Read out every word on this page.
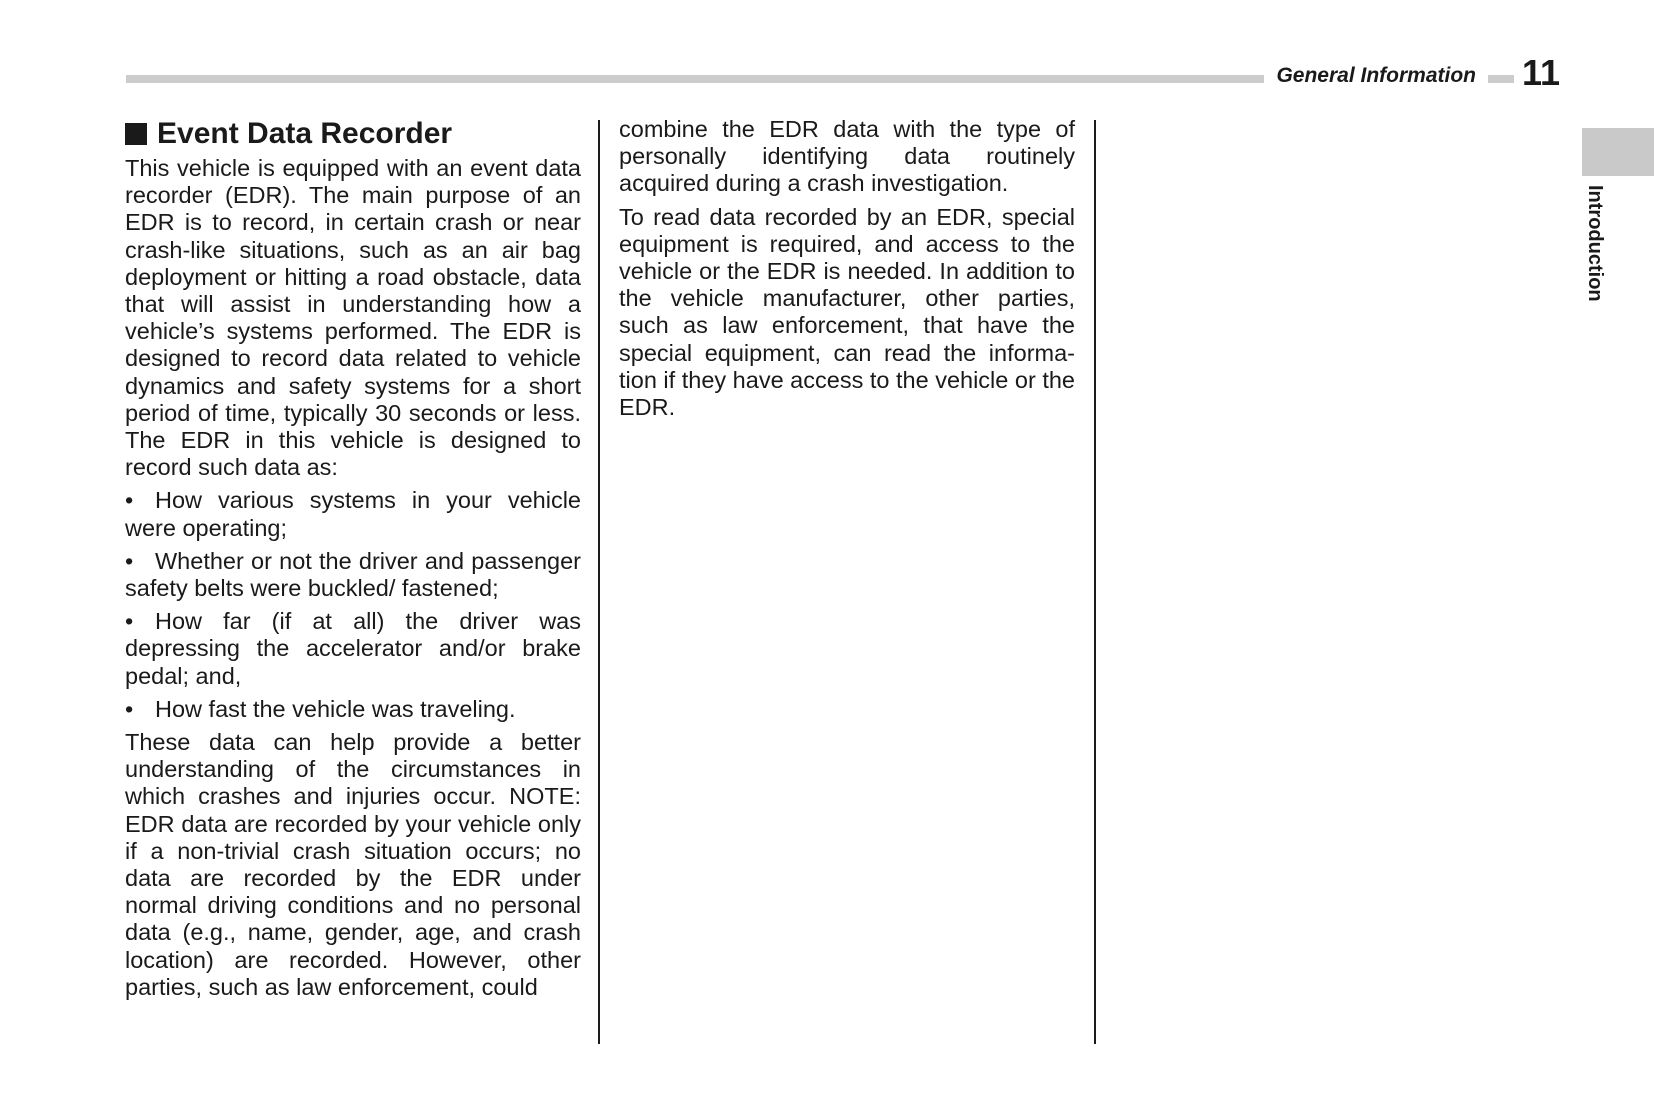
General Information	11
Introduction
Event Data Recorder

This vehicle is equipped with an event data recorder (EDR). The main purpose of an EDR is to record, in certain crash or near crash-like situations, such as an air bag deployment or hitting a road obstacle, data that will assist in understanding how a vehicle’s systems performed. The EDR is designed to record data related to vehicle dynamics and safety systems for a short period of time, typically 30 seconds or less. The EDR in this vehicle is designed to record such data as:

• How various systems in your vehicle were operating;

• Whether or not the driver and passenger safety belts were buckled/ fastened;

• How far (if at all) the driver was depressing the accelerator and/or brake pedal; and,

• How fast the vehicle was traveling.

These data can help provide a better understanding of the circumstances in which crashes and injuries occur. NOTE: EDR data are recorded by your vehicle only if a non-trivial crash situation occurs; no data are recorded by the EDR under normal driving conditions and no personal data (e.g., name, gender, age, and crash location) are recorded. However, other parties, such as law enforcement, could

combine the EDR data with the type of personally identifying data routinely acquired during a crash investigation.

To read data recorded by an EDR, special equipment is required, and access to the vehicle or the EDR is needed. In addition to the vehicle manufacturer, other parties, such as law enforcement, that have the special equipment, can read the informa-tion if they have access to the vehicle or the EDR.
